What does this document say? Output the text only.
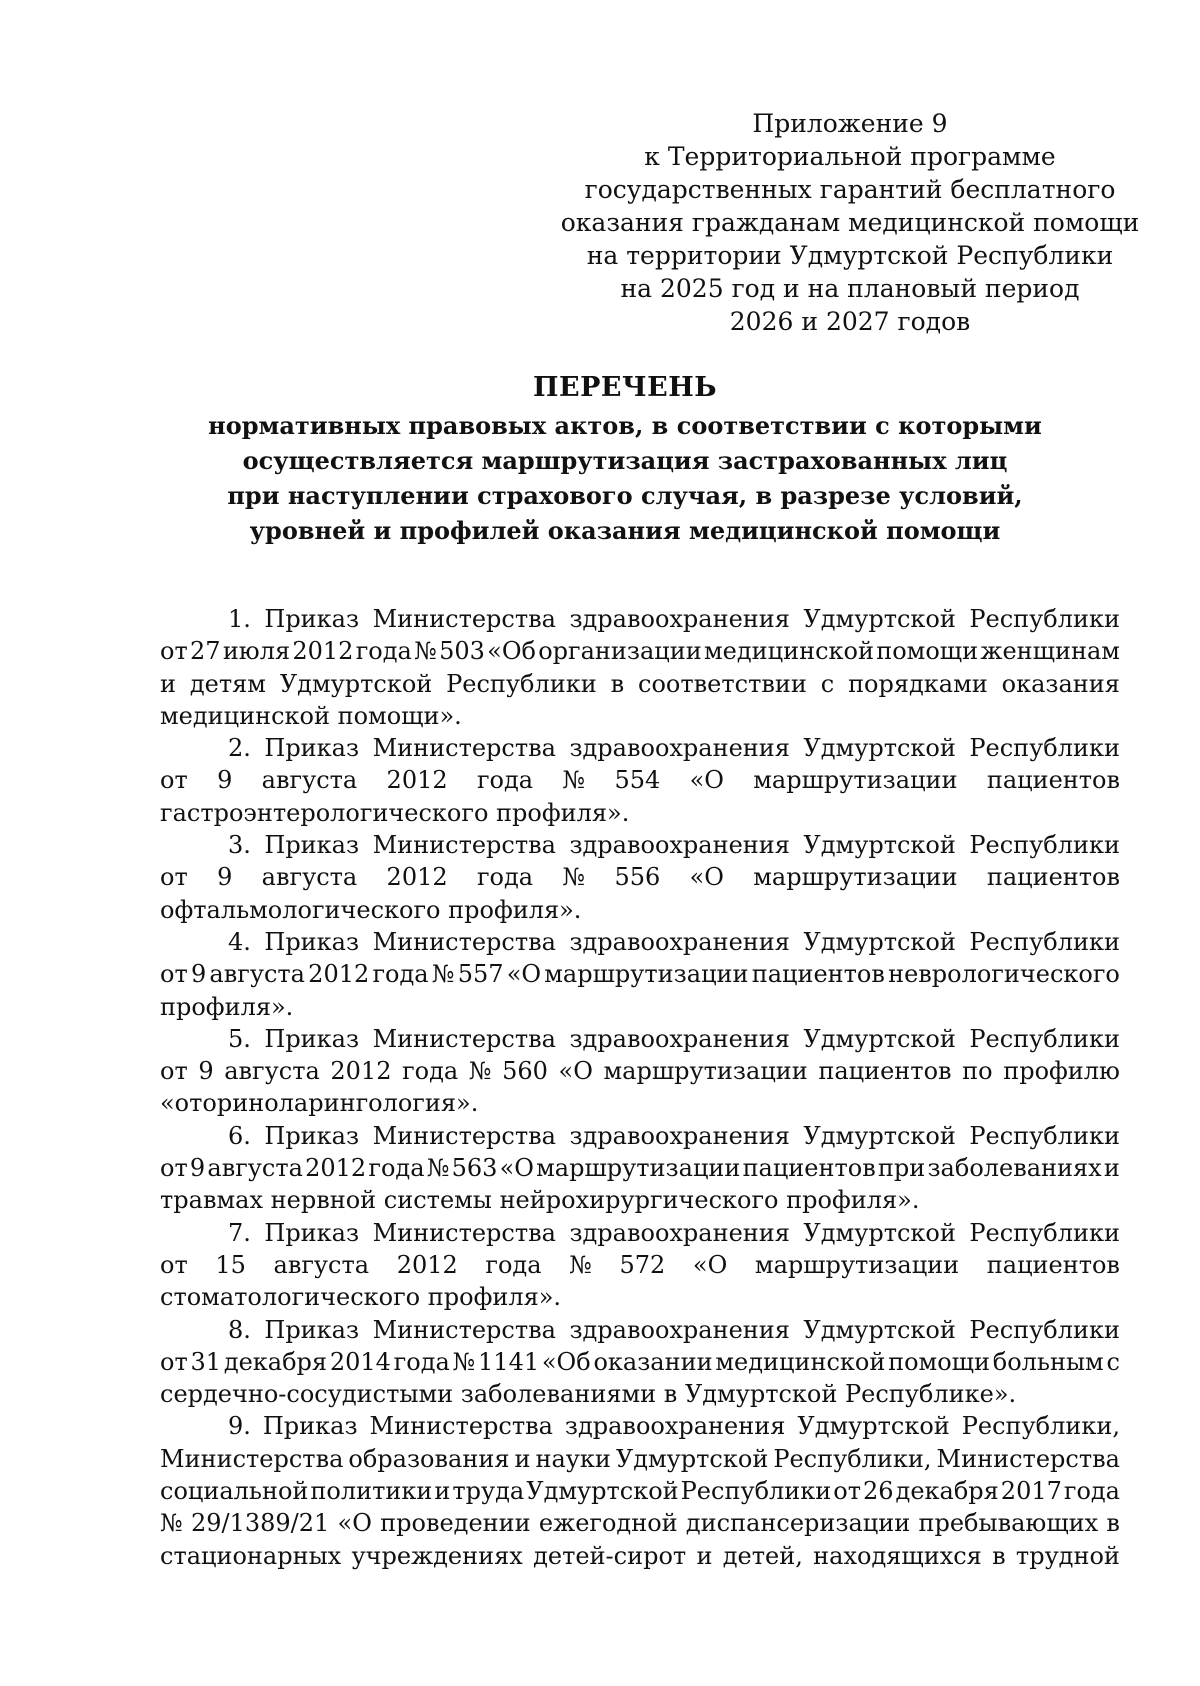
Приложение 9
к Территориальной программе
государственных гарантий бесплатного
оказания гражданам медицинской помощи
на территории Удмуртской Республики
на 2025 год и на плановый период
2026 и 2027 годов
ПЕРЕЧЕНЬ
нормативных правовых актов, в соответствии с которыми
осуществляется маршрутизация застрахованных лиц
при наступлении страхового случая, в разрезе условий,
уровней и профилей оказания медицинской помощи
1. Приказ Министерства здравоохранения Удмуртской Республики
от 27 июля 2012 года № 503 «Об организации медицинской помощи женщинам
и детям Удмуртской Республики в соответствии с порядками оказания
медицинской
помощи».
2. Приказ Министерства здравоохранения Удмуртской Республики
от 9 августа 2012 года № 554 «О маршрутизации пациентов
гастроэнтерологического
профиля».
3. Приказ Министерства здравоохранения Удмуртской Республики
от 9 августа 2012 года № 556 «О маршрутизации пациентов
офтальмологического
профиля».
4. Приказ Министерства здравоохранения Удмуртской Республики
от 9 августа 2012 года № 557 «О маршрутизации пациентов неврологического
профиля».
5. Приказ Министерства здравоохранения Удмуртской Республики
от 9 августа 2012 года № 560 «О маршрутизации пациентов по профилю
«оториноларингология».
6. Приказ Министерства здравоохранения Удмуртской Республики
от 9 августа 2012 года № 563 «О маршрутизации пациентов при заболеваниях и
травмах
нервной
системы
нейрохирургического
профиля».
7. Приказ Министерства здравоохранения Удмуртской Республики
от 15 августа 2012 года № 572 «О маршрутизации пациентов
стоматологического
профиля».
8. Приказ Министерства здравоохранения Удмуртской Республики
от 31 декабря 2014 года № 1141 «Об оказании медицинской помощи больным с
сердечно-сосудистыми
заболеваниями
в
Удмуртской
Республике».
9. Приказ Министерства здравоохранения Удмуртской Республики,
Министерства образования и науки Удмуртской Республики, Министерства
социальной политики и труда Удмуртской Республики от 26 декабря 2017 года
№ 29/1389/21 «О проведении ежегодной диспансеризации пребывающих в
стационарных учреждениях детей-сирот и детей, находящихся в трудной
